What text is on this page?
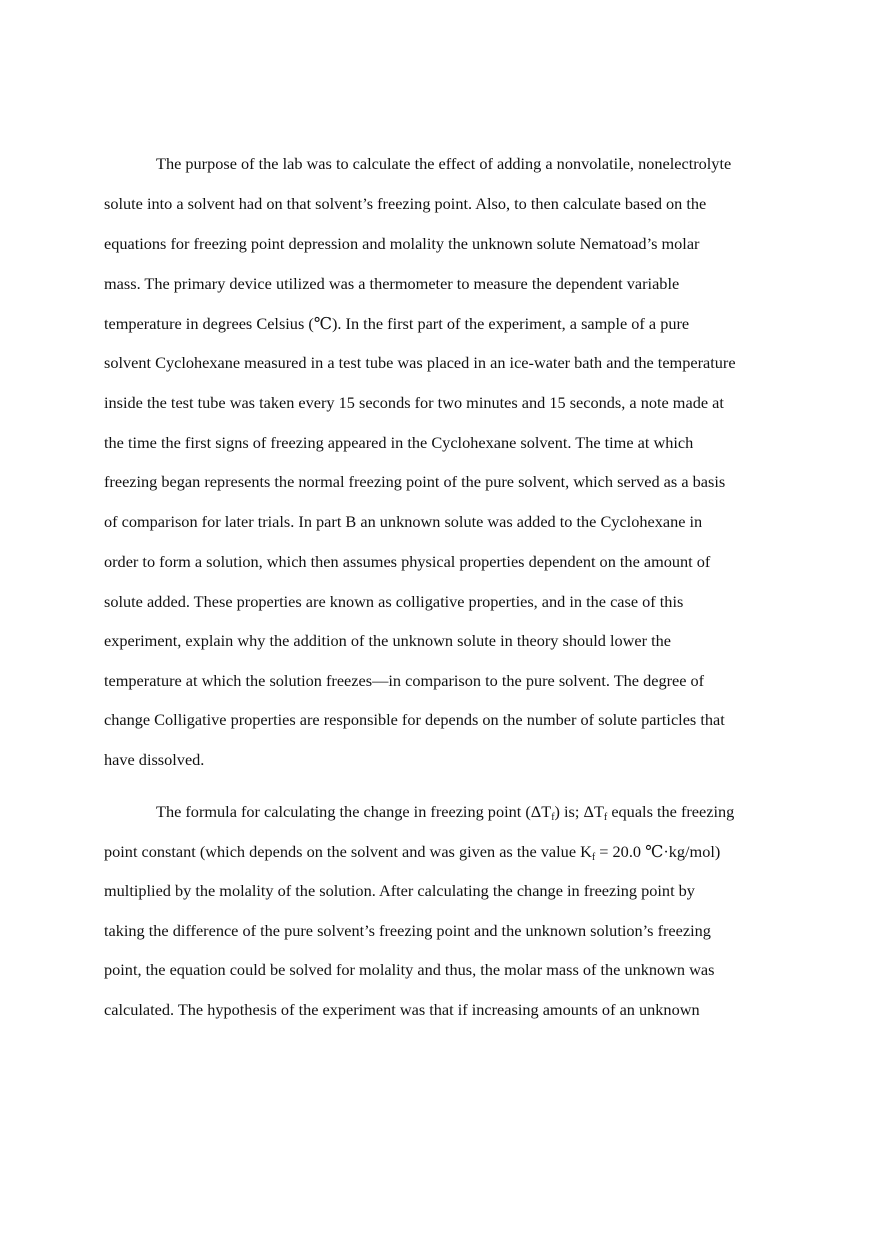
The purpose of the lab was to calculate the effect of adding a nonvolatile, nonelectrolyte
solute into a solvent had on that solvent’s freezing point. Also, to then calculate based on the
equations for freezing point depression and molality the unknown solute Nematoad’s molar
mass. The primary device utilized was a thermometer to measure the dependent variable
temperature in degrees Celsius (℃). In the first part of the experiment, a sample of a pure
solvent Cyclohexane measured in a test tube was placed in an ice-water bath and the temperature
inside the test tube was taken every 15 seconds for two minutes and 15 seconds, a note made at
the time the first signs of freezing appeared in the Cyclohexane solvent. The time at which
freezing began represents the normal freezing point of the pure solvent, which served as a basis
of comparison for later trials. In part B an unknown solute was added to the Cyclohexane in
order to form a solution, which then assumes physical properties dependent on the amount of
solute added. These properties are known as colligative properties, and in the case of this
experiment, explain why the addition of the unknown solute in theory should lower the
temperature at which the solution freezes—in comparison to the pure solvent. The degree of
change Colligative properties are responsible for depends on the number of solute particles that
have dissolved.
The formula for calculating the change in freezing point $(\Delta T_f)$ is; $\Delta T_f$ equals the freezing
point constant (which depends on the solvent and was given as the value $K_f = 20.0$ ℃·kg/mol)
multiplied by the molality of the solution. After calculating the change in freezing point by
taking the difference of the pure solvent’s freezing point and the unknown solution’s freezing
point, the equation could be solved for molality and thus, the molar mass of the unknown was
calculated. The hypothesis of the experiment was that if increasing amounts of an unknown
